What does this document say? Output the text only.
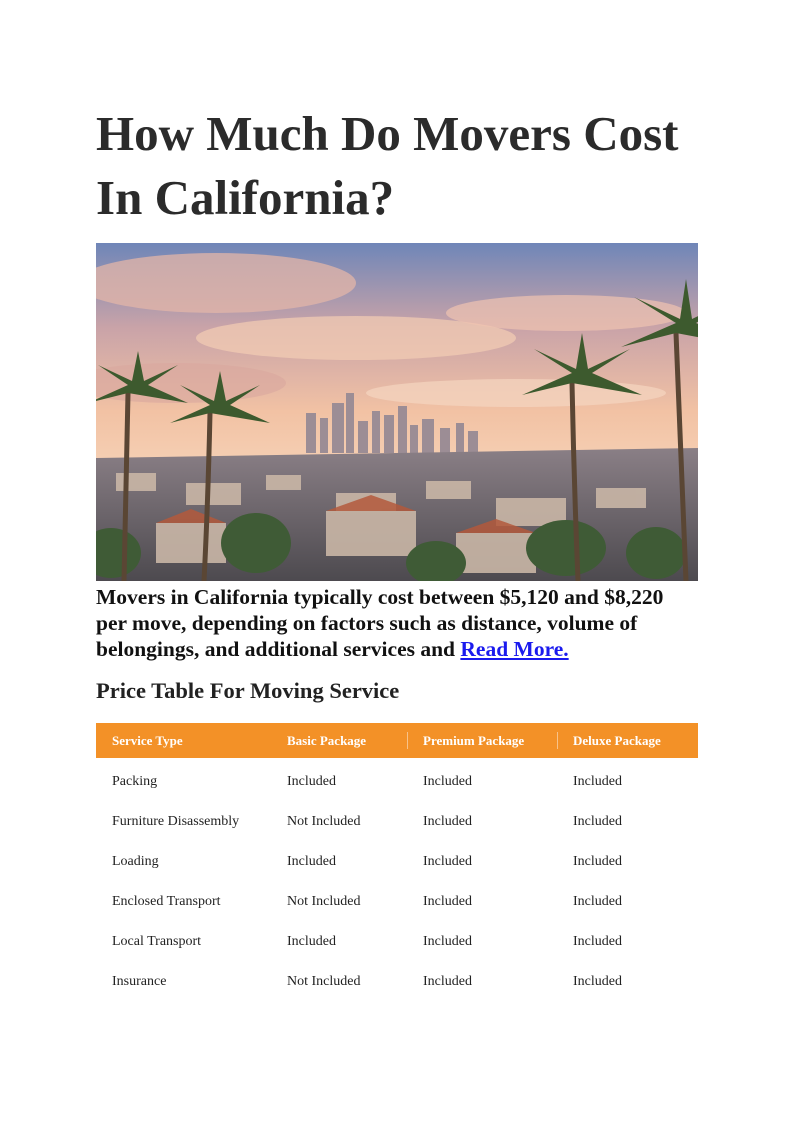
How Much Do Movers Cost In California?

Movers in California typically cost between $5,120 and $8,220 per move, depending on factors such as distance, volume of belongings, and additional services and Read More.

Price Table For Moving Service
Service Type	Basic Package	Premium Package	Deluxe Package
Packing	Included	Included	Included
Furniture Disassembly	Not Included	Included	Included
Loading	Included	Included	Included
Enclosed Transport	Not Included	Included	Included
Local Transport	Included	Included	Included
Insurance	Not Included	Included	Included
